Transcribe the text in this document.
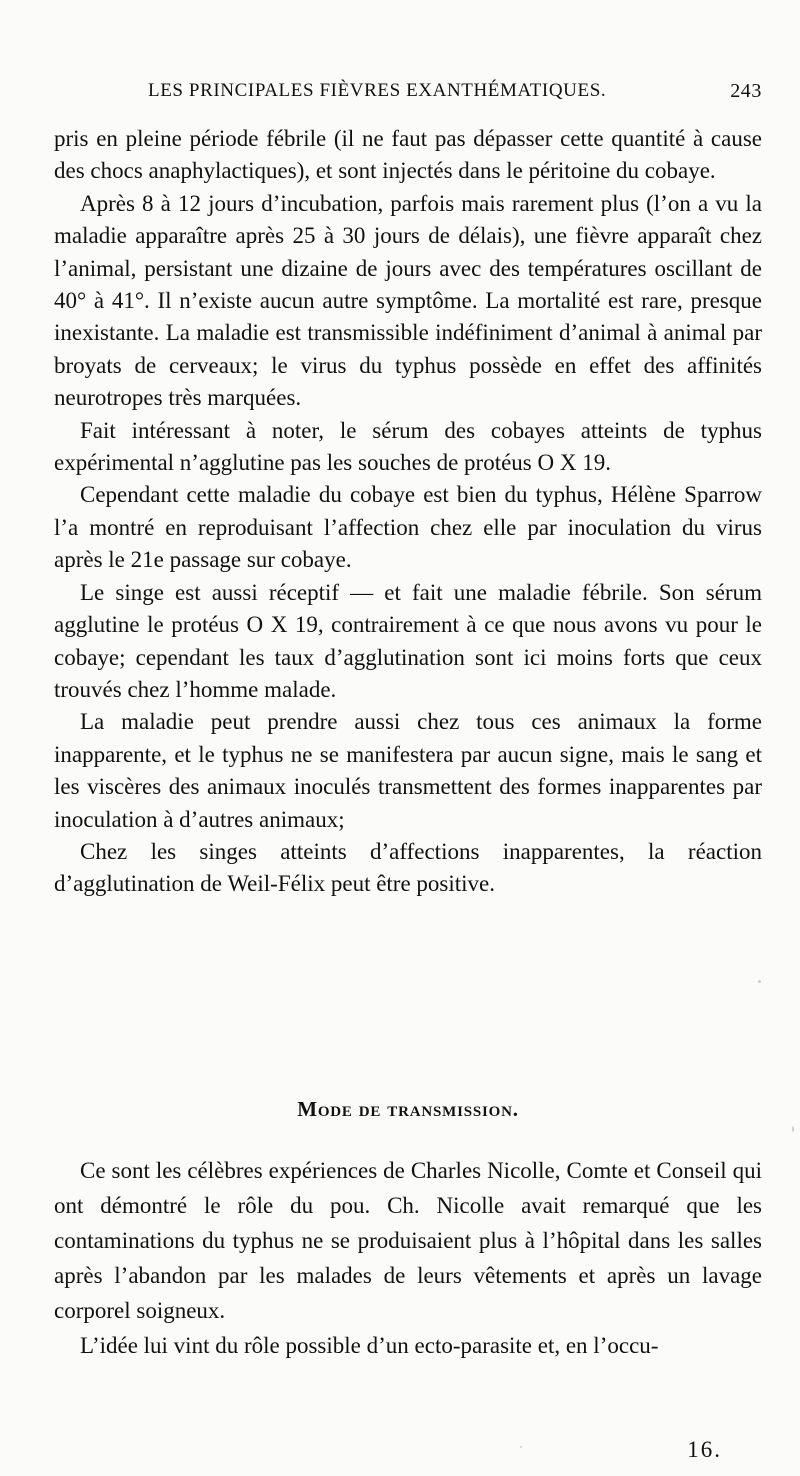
LES PRINCIPALES FIÈVRES EXANTHÉMATIQUES.	243

pris en pleine période fébrile (il ne faut pas dépasser cette quantité à cause des chocs anaphylactiques), et sont injectés dans le péritoine du cobaye.

Après 8 à 12 jours d’incubation, parfois mais rarement plus (l’on a vu la maladie apparaître après 25 à 30 jours de délais), une fièvre apparaît chez l’animal, persistant une dizaine de jours avec des températures oscillant de 40° à 41°. Il n’existe aucun autre symptôme. La mortalité est rare, presque inexistante. La maladie est transmissible indéfiniment d’animal à animal par broyats de cerveaux; le virus du typhus possède en effet des affinités neurotropes très marquées.

Fait intéressant à noter, le sérum des cobayes atteints de typhus expérimental n’agglutine pas les souches de protéus O X 19.

Cependant cette maladie du cobaye est bien du typhus, Hélène Sparrow l’a montré en reproduisant l’affection chez elle par inoculation du virus après le 21e passage sur cobaye.

Le singe est aussi réceptif — et fait une maladie fébrile. Son sérum agglutine le protéus O X 19, contrairement à ce que nous avons vu pour le cobaye; cependant les taux d’agglutination sont ici moins forts que ceux trouvés chez l’homme malade.

La maladie peut prendre aussi chez tous ces animaux la forme inapparente, et le typhus ne se manifestera par aucun signe, mais le sang et les viscères des animaux inoculés transmettent des formes inapparentes par inoculation à d’autres animaux;

Chez les singes atteints d’affections inapparentes, la réaction d’agglutination de Weil-Félix peut être positive.

Mode de transmission.

Ce sont les célèbres expériences de Charles Nicolle, Comte et Conseil qui ont démontré le rôle du pou. Ch. Nicolle avait remarqué que les contaminations du typhus ne se produisaient plus à l’hôpital dans les salles après l’abandon par les malades de leurs vêtements et après un lavage corporel soigneux.

L’idée lui vint du rôle possible d’un ecto-parasite et, en l’occu-

16.
